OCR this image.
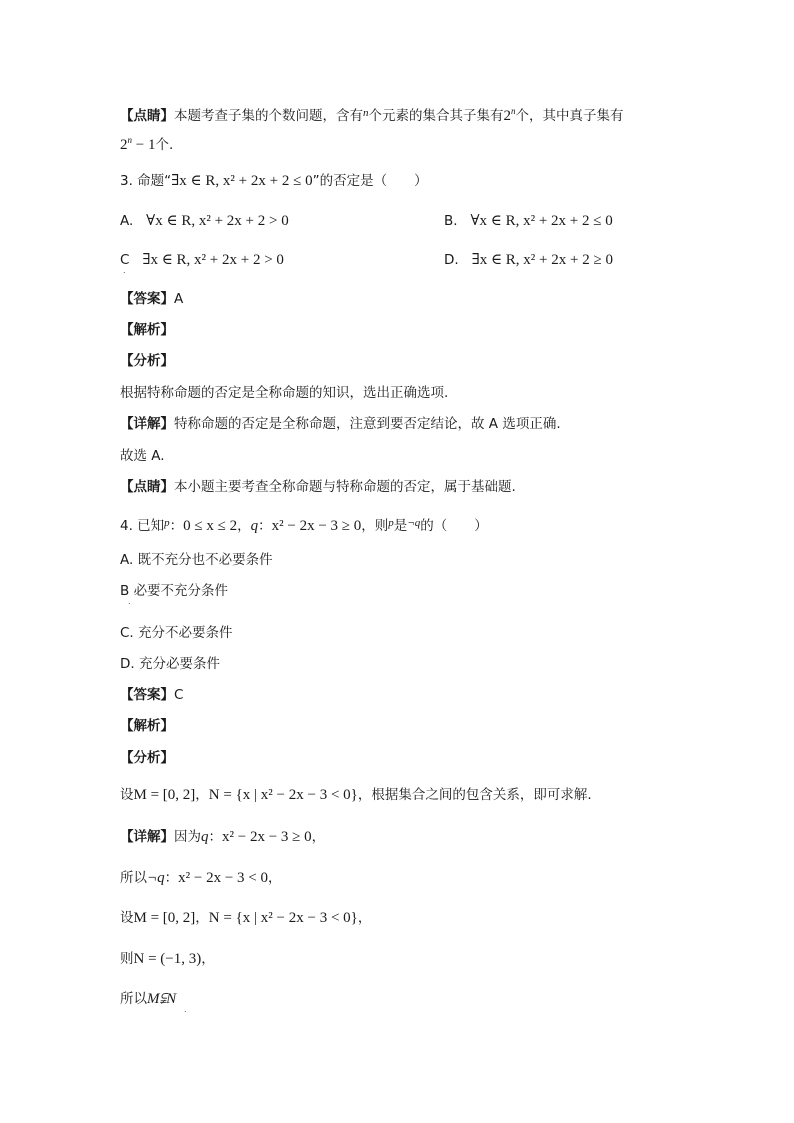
【点睛】本题考查子集的个数问题，含有$^n$个元素的集合其子集有2$^n$个，其中真子集有
$2^n - 1$个.
3. 命题“∃x ∈ R, x² + 2x + 2 ≤ 0”的否定是（　　）
A. ∀x ∈ R, x² + 2x + 2 > 0	B. ∀x ∈ R, x² + 2x + 2 ≤ 0
C ∃x ∈ R, x² + 2x + 2 > 0
.
D. ∃x ∈ R, x² + 2x + 2 ≥ 0
【答案】A
【解析】
【分析】
根据特称命题的否定是全称命题的知识，选出正确选项.
【详解】特称命题的否定是全称命题，注意到要否定结论，故 A 选项正确.
故选 A.
【点睛】本小题主要考查全称命题与特称命题的否定，属于基础题.
4. 已知$^p$：0 ≤ x ≤ 2，q：x² − 2x − 3 ≥ 0，则$^p$是$^{\neg q}$的（　　）
A. 既不充分也不必要条件
B 必要不充分条件
.
C. 充分不必要条件
D. 充分必要条件
【答案】C
【解析】
【分析】
设M = [0, 2]，N = {x | x² − 2x − 3 < 0}，根据集合之间的包含关系，即可求解.
【详解】因为q：x² − 2x − 3 ≥ 0，
所以¬q：x² − 2x − 3 < 0，
设M = [0, 2]，N = {x | x² − 2x − 3 < 0}，
则N = (−1, 3)，
所以M⫋N
.
